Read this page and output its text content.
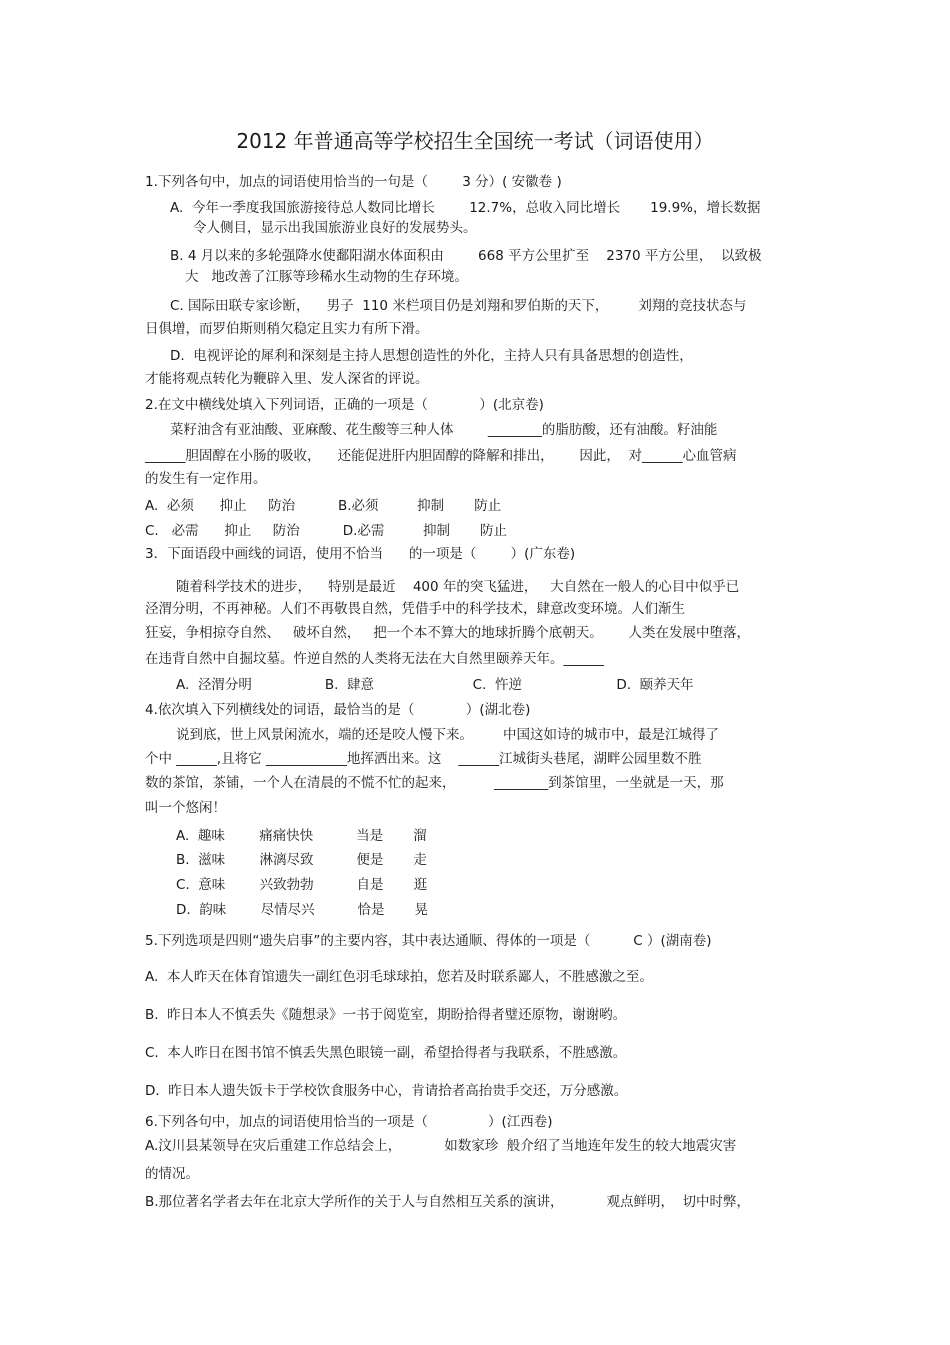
2012 年普通高等学校招生全国统一考试（词语使用）
1.下列各句中，加点的词语使用恰当的一句是（        3 分）( 安徽卷 )
A.  今年一季度我国旅游接待总人数同比增长        12.7%，总收入同比增长       19.9%，增长数据
令人侧目，显示出我国旅游业良好的发展势头。
B. 4 月以来的多轮强降水使鄱阳湖水体面积由        668 平方公里扩至    2370 平方公里，  以致极
大   地改善了江豚等珍稀水生动物的生存环境。
C. 国际田联专家诊断，    男子  110 米栏项目仍是刘翔和罗伯斯的天下，       刘翔的竞技状态与
日俱增，而罗伯斯则稍欠稳定且实力有所下滑。
D.  电视评论的犀利和深刻是主持人思想创造性的外化，主持人只有具备思想的创造性，
才能将观点转化为鞭辟入里、发人深省的评说。
2.在文中横线处填入下列词语，正确的一项是（            ）(北京卷)
菜籽油含有亚油酸、亚麻酸、花生酸等三种人体        ________的脂肪酸，还有油酸。籽油能
______胆固醇在小肠的吸收，    还能促进肝内胆固醇的降解和排出，      因此，  对______心血管病
的发生有一定作用。
A.  必须      抑止     防治          B.必须         抑制       防止
C.   必需      抑止     防治          D.必需         抑制       防止
3．下面语段中画线的词语，使用不恰当      的一项是（        ）(广东卷)
随着科学技术的进步，    特别是最近    400 年的突飞猛进，   大自然在一般人的心目中似乎已
泾渭分明，不再神秘。人们不再敬畏自然，凭借手中的科学技术，肆意改变环境。人们渐生
狂妄，争相掠夺自然、   破坏自然，   把一个本不算大的地球折腾个底朝天。      人类在发展中堕落，
在违背自然中自掘坟墓。忤逆自然的人类将无法在大自然里颐养天年。______
A.  泾渭分明                 B.  肆意                       C.  忤逆                      D.  颐养天年
4.依次填入下列横线处的词语，最恰当的是（            ）(湖北卷)
说到底，世上风景闲流水，端的还是咬人慢下来。       中国这如诗的城市中，最是江城得了
个中 ______,且将它 ____________地挥洒出来。这    ______江城街头巷尾，湖畔公园里数不胜
数的茶馆，茶铺，一个人在清晨的不慌不忙的起来，         ________到茶馆里，一坐就是一天，那
叫一个悠闲！
A.  趣味        痛痛快快          当是       溜
B.  滋味        淋漓尽致          便是       走
C.  意味        兴致勃勃          自是       逛
D.  韵味        尽情尽兴          恰是       晃
5.下列选项是四则“遗失启事”的主要内容，其中表达通顺、得体的一项是（          C ）(湖南卷)
A.  本人昨天在体育馆遗失一副红色羽毛球球拍，您若及时联系鄙人，不胜感激之至。
B.  昨日本人不慎丢失《随想录》一书于阅览室，期盼拾得者璧还原物，谢谢哟。
C.  本人昨日在图书馆不慎丢失黑色眼镜一副，希望拾得者与我联系，不胜感激。
D.  昨日本人遗失饭卡于学校饮食服务中心，肯请拾者高抬贵手交还，万分感激。
6.下列各句中，加点的词语使用恰当的一项是（              ）(江西卷)
A.汶川县某领导在灾后重建工作总结会上，          如数家珍  般介绍了当地连年发生的较大地震灾害
的情况。
B.那位著名学者去年在北京大学所作的关于人与自然相互关系的演讲，          观点鲜明，  切中时弊，
